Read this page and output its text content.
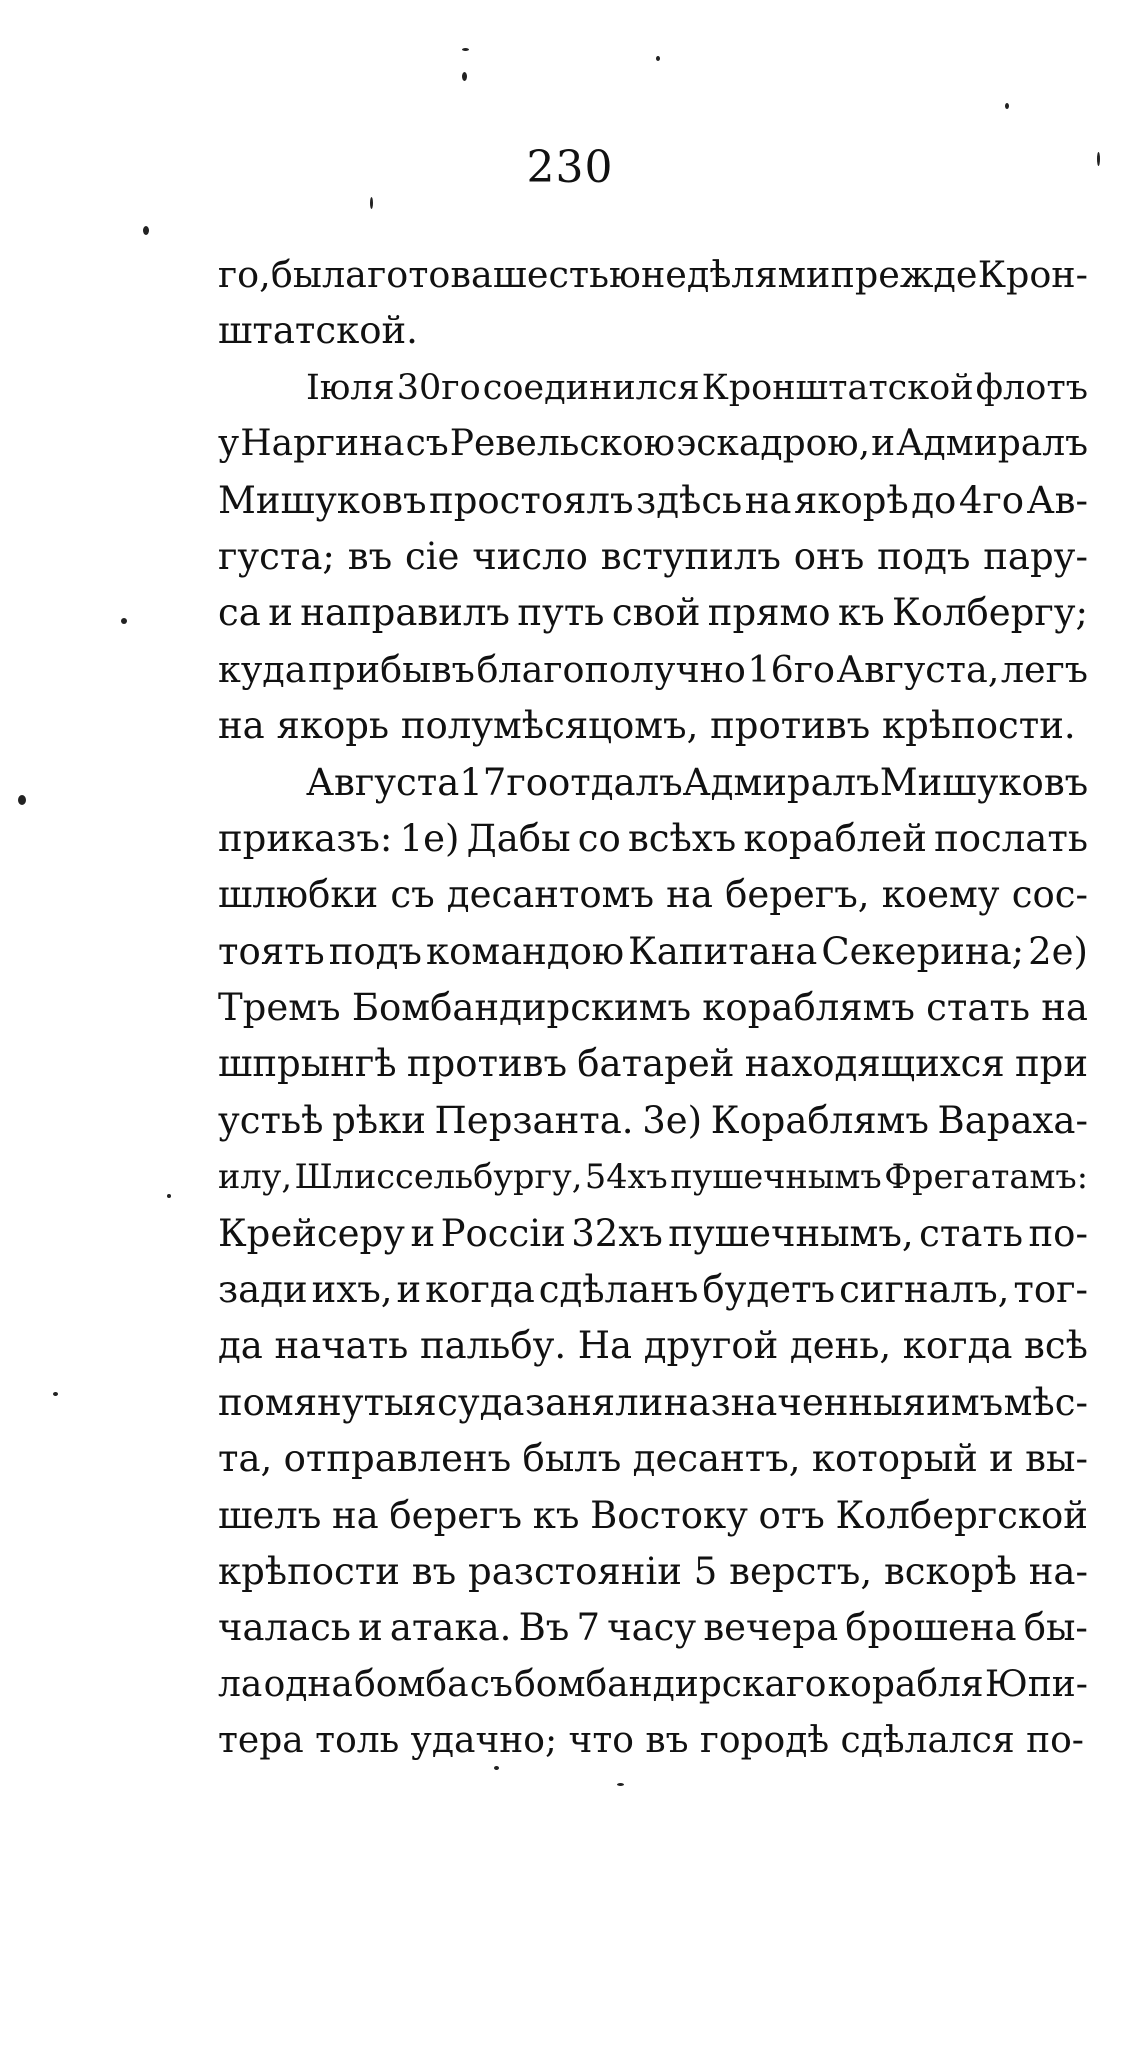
230
го, была готова шестью недѣлями прежде Крон-
штатской.
Iюля 30го соединился Кронштатской флотъ
у Наргина съ Ревельскою эскадрою, и Адмиралъ
Мишуковъ простоялъ здѣсь на якорѣ до 4го Ав-
густа; въ сiе число вступилъ онъ подъ пару-
са и направилъ путь свой прямо къ Колбергу;
куда прибывъ благополучно 16го Августа, легъ
на якорь полумѣсяцомъ, противъ крѣпости.
Августа 17го отдалъ Адмиралъ Мишуковъ
приказъ: 1е) Дабы со всѣхъ кораблей послать
шлюбки съ десантомъ на берегъ, коему сос-
тоять подъ командою Капитана Секерина; 2е)
Тремъ Бомбандирскимъ кораблямъ стать на
шпрынгѣ противъ батарей находящихся при
устьѣ рѣки Перзанта. 3е) Кораблямъ Вараха-
илу, Шлиссельбургу, 54хъ пушечнымъ Фрегатамъ:
Крейсеру и Россiи 32хъ пушечнымъ, стать по-
зади ихъ, и когда сдѣланъ будетъ сигналъ, тог-
да начать пальбу. На другой день, когда всѣ
помянутыя суда заняли назначенныя имъ мѣс-
та, отправленъ былъ десантъ, который и вы-
шелъ на берегъ къ Востоку отъ Колбергской
крѣпости въ разстоянiи 5 верстъ, вскорѣ на-
чалась и атака. Въ 7 часу вечера брошена бы-
ла одна бомба съ бомбандирскаго корабля Юпи-
тера толь удачно; что въ городѣ сдѣлался по-
